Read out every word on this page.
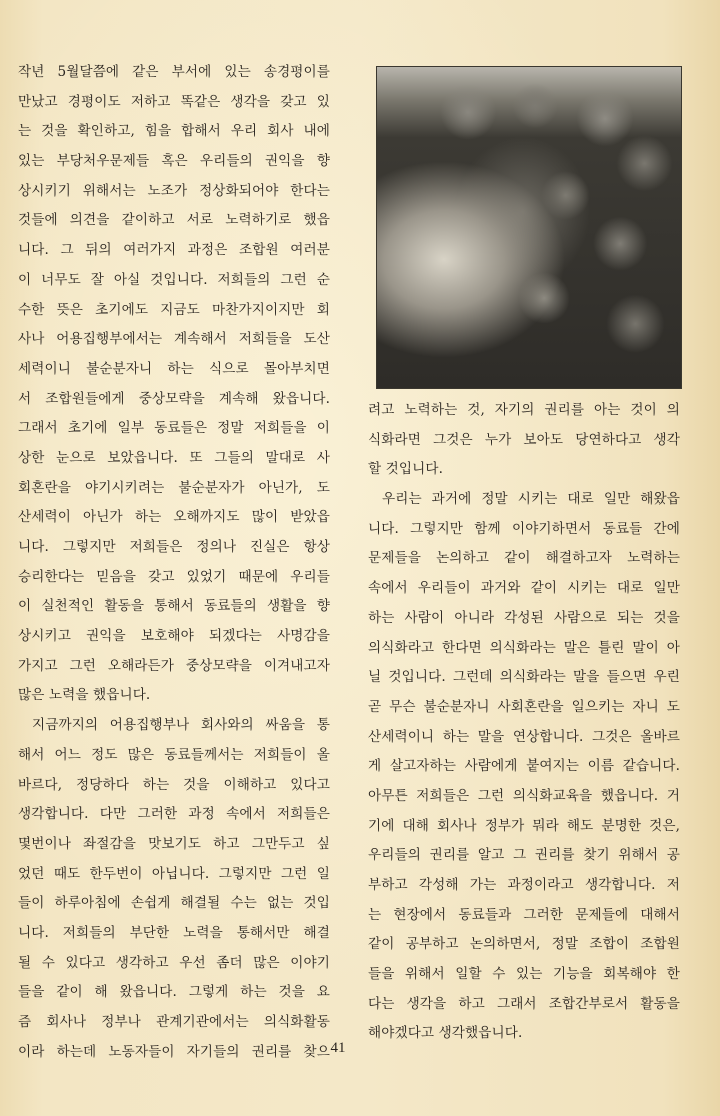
작년 5월달쯤에 같은 부서에 있는 송경평이를
만났고 경평이도 저하고 똑같은 생각을 갖고 있
는 것을 확인하고, 힘을 합해서 우리 회사 내에
있는 부당처우문제들 혹은 우리들의 권익을 향
상시키기 위해서는 노조가 정상화되어야 한다는
것들에 의견을 같이하고 서로 노력하기로 했읍
니다. 그 뒤의 여러가지 과정은 조합원 여러분
이 너무도 잘 아실 것입니다. 저희들의 그런 순
수한 뜻은 초기에도 지금도 마찬가지이지만 회
사나 어용집행부에서는 계속해서 저희들을 도산
세력이니 불순분자니 하는 식으로 몰아부치면
서 조합원들에게 중상모략을 계속해 왔읍니다.
그래서 초기에 일부 동료들은 정말 저희들을 이
상한 눈으로 보았읍니다. 또 그들의 말대로 사
회혼란을 야기시키려는 불순분자가 아닌가, 도
산세력이 아닌가 하는 오해까지도 많이 받았읍
니다. 그렇지만 저희들은 정의나 진실은 항상
승리한다는 믿음을 갖고 있었기 때문에 우리들
이 실천적인 활동을 통해서 동료들의 생활을 향
상시키고 권익을 보호해야 되겠다는 사명감을
가지고 그런 오해라든가 중상모략을 이겨내고자
많은 노력을 했읍니다.
지금까지의 어용집행부나 회사와의 싸움을 통
해서 어느 정도 많은 동료들께서는 저희들이 올
바르다, 정당하다 하는 것을 이해하고 있다고
생각합니다. 다만 그러한 과정 속에서 저희들은
몇번이나 좌절감을 맛보기도 하고 그만두고 싶
었던 때도 한두번이 아닙니다. 그렇지만 그런 일
들이 하루아침에 손쉽게 해결될 수는 없는 것입
니다. 저희들의 부단한 노력을 통해서만 해결
될 수 있다고 생각하고 우선 좀더 많은 이야기
들을 같이 해 왔읍니다. 그렇게 하는 것을 요
즘 회사나 정부나 관계기관에서는 의식화활동
이라 하는데 노동자들이 자기들의 권리를 찾으
려고 노력하는 것, 자기의 권리를 아는 것이 의
식화라면 그것은 누가 보아도 당연하다고 생각
할 것입니다.
우리는 과거에 정말 시키는 대로 일만 해왔읍
니다. 그렇지만 함께 이야기하면서 동료들 간에
문제들을 논의하고 같이 해결하고자 노력하는
속에서 우리들이 과거와 같이 시키는 대로 일만
하는 사람이 아니라 각성된 사람으로 되는 것을
의식화라고 한다면 의식화라는 말은 틀린 말이 아
닐 것입니다. 그런데 의식화라는 말을 들으면 우린
곧 무슨 불순분자니 사회혼란을 일으키는 자니 도
산세력이니 하는 말을 연상합니다. 그것은 올바르
게 살고자하는 사람에게 붙여지는 이름 같습니다.
아무튼 저희들은 그런 의식화교육을 했읍니다. 거
기에 대해 회사나 정부가 뭐라 해도 분명한 것은,
우리들의 권리를 알고 그 권리를 찾기 위해서 공
부하고 각성해 가는 과정이라고 생각합니다. 저
는 현장에서 동료들과 그러한 문제들에 대해서
같이 공부하고 논의하면서, 정말 조합이 조합원
들을 위해서 일할 수 있는 기능을 회복해야 한
다는 생각을 하고 그래서 조합간부로서 활동을
해야겠다고 생각했읍니다.
41
